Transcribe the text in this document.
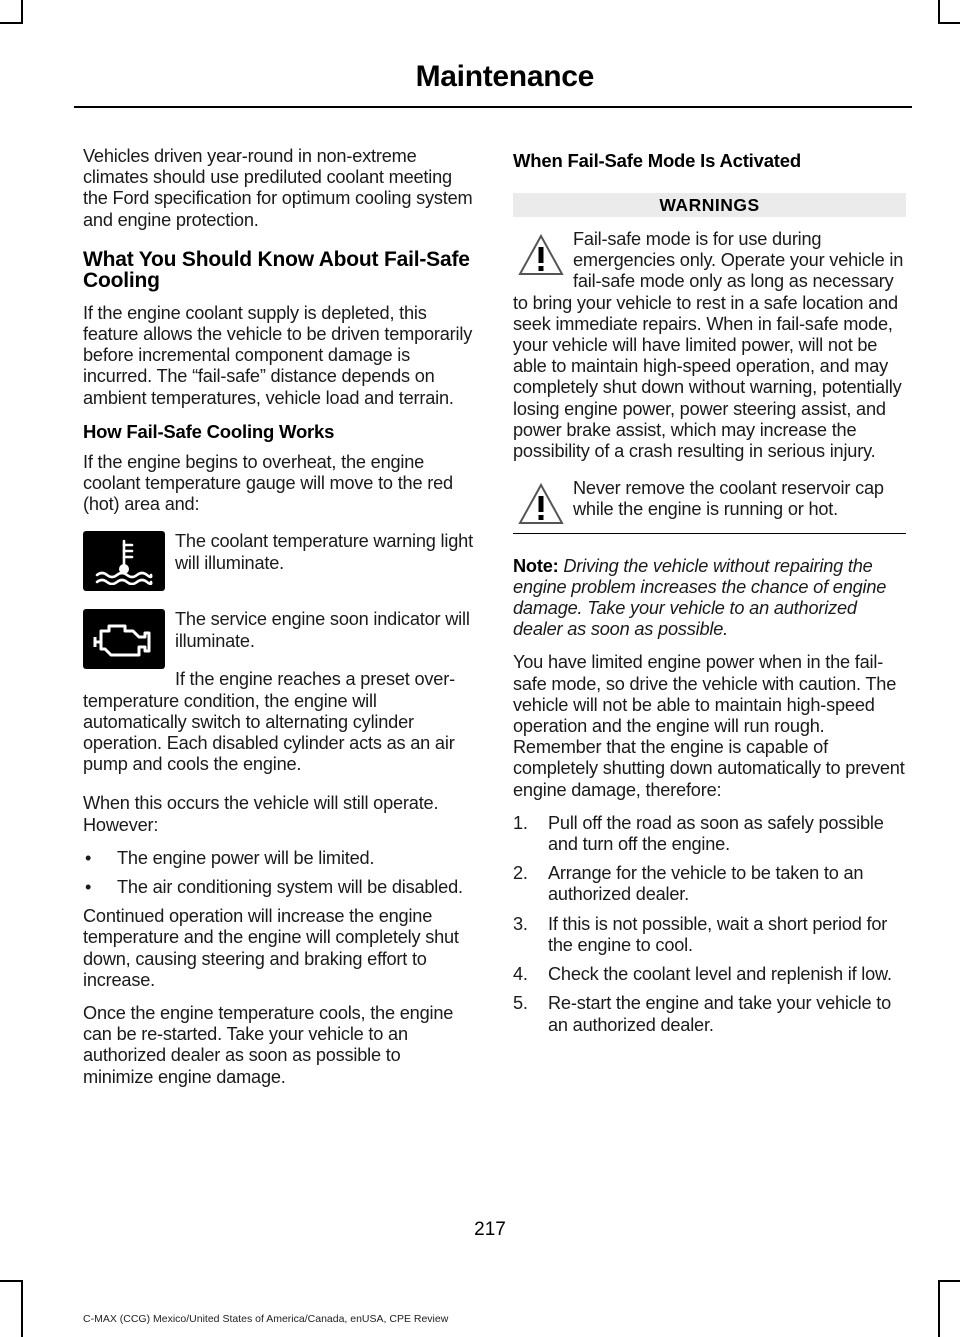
Maintenance

Vehicles driven year-round in non-extreme climates should use prediluted coolant meeting the Ford specification for optimum cooling system and engine protection.

What You Should Know About Fail-Safe Cooling

If the engine coolant supply is depleted, this feature allows the vehicle to be driven temporarily before incremental component damage is incurred. The “fail-safe” distance depends on ambient temperatures, vehicle load and terrain.

How Fail-Safe Cooling Works

If the engine begins to overheat, the engine coolant temperature gauge will move to the red (hot) area and:

The coolant temperature warning light will illuminate.
The service engine soon indicator will illuminate.

If the engine reaches a preset over-temperature condition, the engine will automatically switch to alternating cylinder operation. Each disabled cylinder acts as an air pump and cools the engine.

When this occurs the vehicle will still operate. However:

• The engine power will be limited.
• The air conditioning system will be disabled.

Continued operation will increase the engine temperature and the engine will completely shut down, causing steering and braking effort to increase.

Once the engine temperature cools, the engine can be re-started. Take your vehicle to an authorized dealer as soon as possible to minimize engine damage.

When Fail-Safe Mode Is Activated
WARNINGS
Fail-safe mode is for use during emergencies only. Operate your vehicle in fail-safe mode only as long as necessary to bring your vehicle to rest in a safe location and seek immediate repairs. When in fail-safe mode, your vehicle will have limited power, will not be able to maintain high-speed operation, and may completely shut down without warning, potentially losing engine power, power steering assist, and power brake assist, which may increase the possibility of a crash resulting in serious injury.
Never remove the coolant reservoir cap while the engine is running or hot.

Note: Driving the vehicle without repairing the engine problem increases the chance of engine damage. Take your vehicle to an authorized dealer as soon as possible.

You have limited engine power when in the fail-safe mode, so drive the vehicle with caution. The vehicle will not be able to maintain high-speed operation and the engine will run rough. Remember that the engine is capable of completely shutting down automatically to prevent engine damage, therefore:

1. Pull off the road as soon as safely possible and turn off the engine.
2. Arrange for the vehicle to be taken to an authorized dealer.
3. If this is not possible, wait a short period for the engine to cool.
4. Check the coolant level and replenish if low.
5. Re-start the engine and take your vehicle to an authorized dealer.
217
C-MAX (CCG) Mexico/United States of America/Canada, enUSA, CPE Review
